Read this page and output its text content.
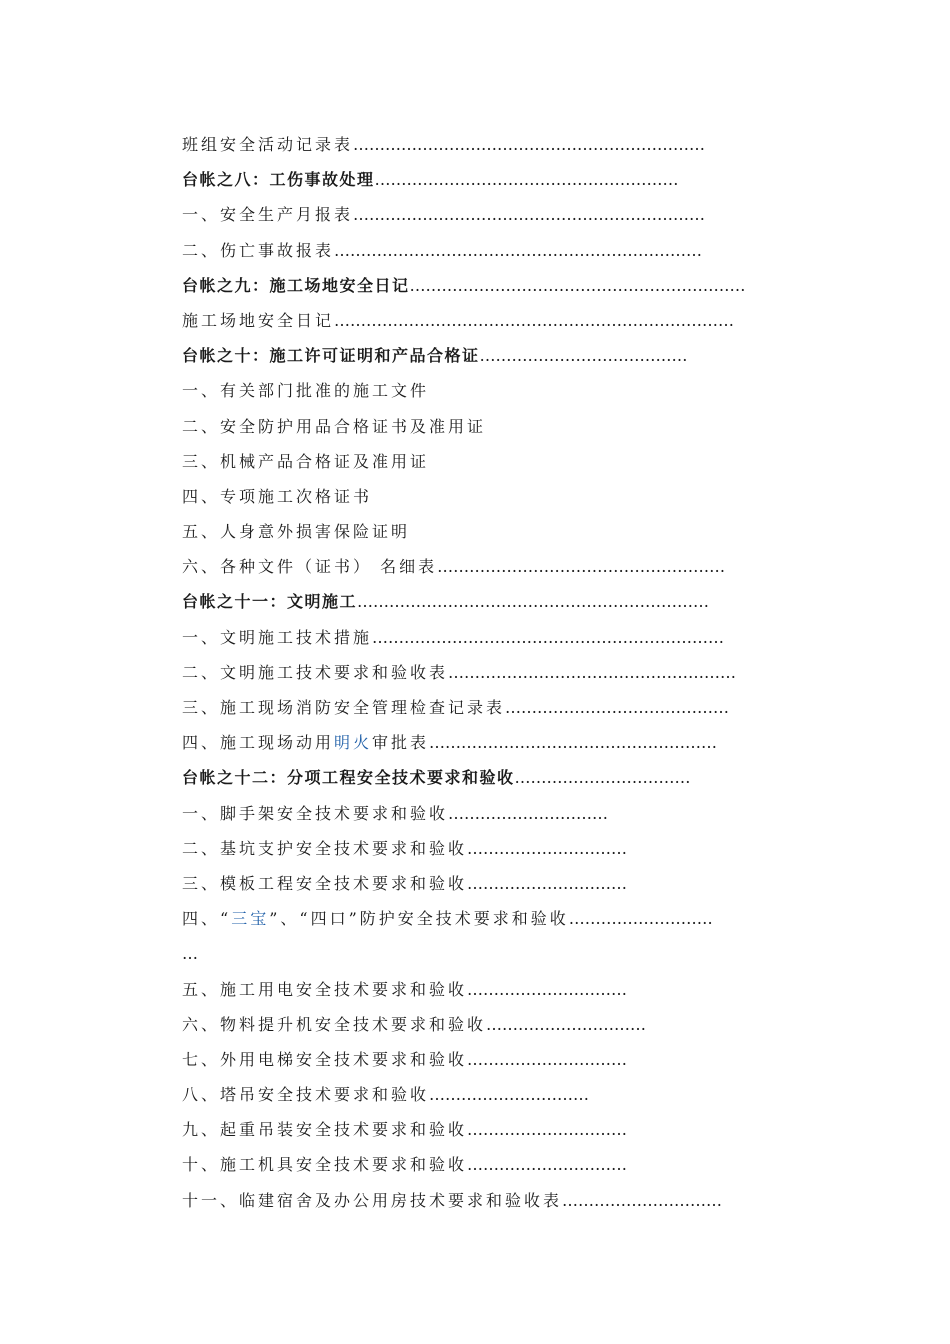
班组安全活动记录表…………………………………………………………
台帐之八：工伤事故处理…………………………………………………
一、安全生产月报表…………………………………………………………
二、伤亡事故报表……………………………………………………………
台帐之九：施工场地安全日记………………………………………………………
施工场地安全日记…………………………………………………………………
台帐之十：施工许可证明和产品合格证…………………………………
一、有关部门批准的施工文件
二、安全防护用品合格证书及准用证
三、机械产品合格证及准用证
四、专项施工次格证书
五、人身意外损害保险证明
六、各种文件（证书） 名细表………………………………………………
台帐之十一：文明施工…………………………………………………………
一、文明施工技术措施…………………………………………………………
二、文明施工技术要求和验收表………………………………………………
三、施工现场消防安全管理检查记录表……………………………………
四、施工现场动用明火审批表………………………………………………
台帐之十二：分项工程安全技术要求和验收……………………………
一、脚手架安全技术要求和验收…………………………
二、基坑支护安全技术要求和验收…………………………
三、模板工程安全技术要求和验收…………………………
四、“三宝”、“四口”防护安全技术要求和验收………………………
…
五、施工用电安全技术要求和验收…………………………
六、物料提升机安全技术要求和验收…………………………
七、外用电梯安全技术要求和验收…………………………
八、塔吊安全技术要求和验收…………………………
九、起重吊装安全技术要求和验收…………………………
十、施工机具安全技术要求和验收…………………………
十一、临建宿舍及办公用房技术要求和验收表…………………………
